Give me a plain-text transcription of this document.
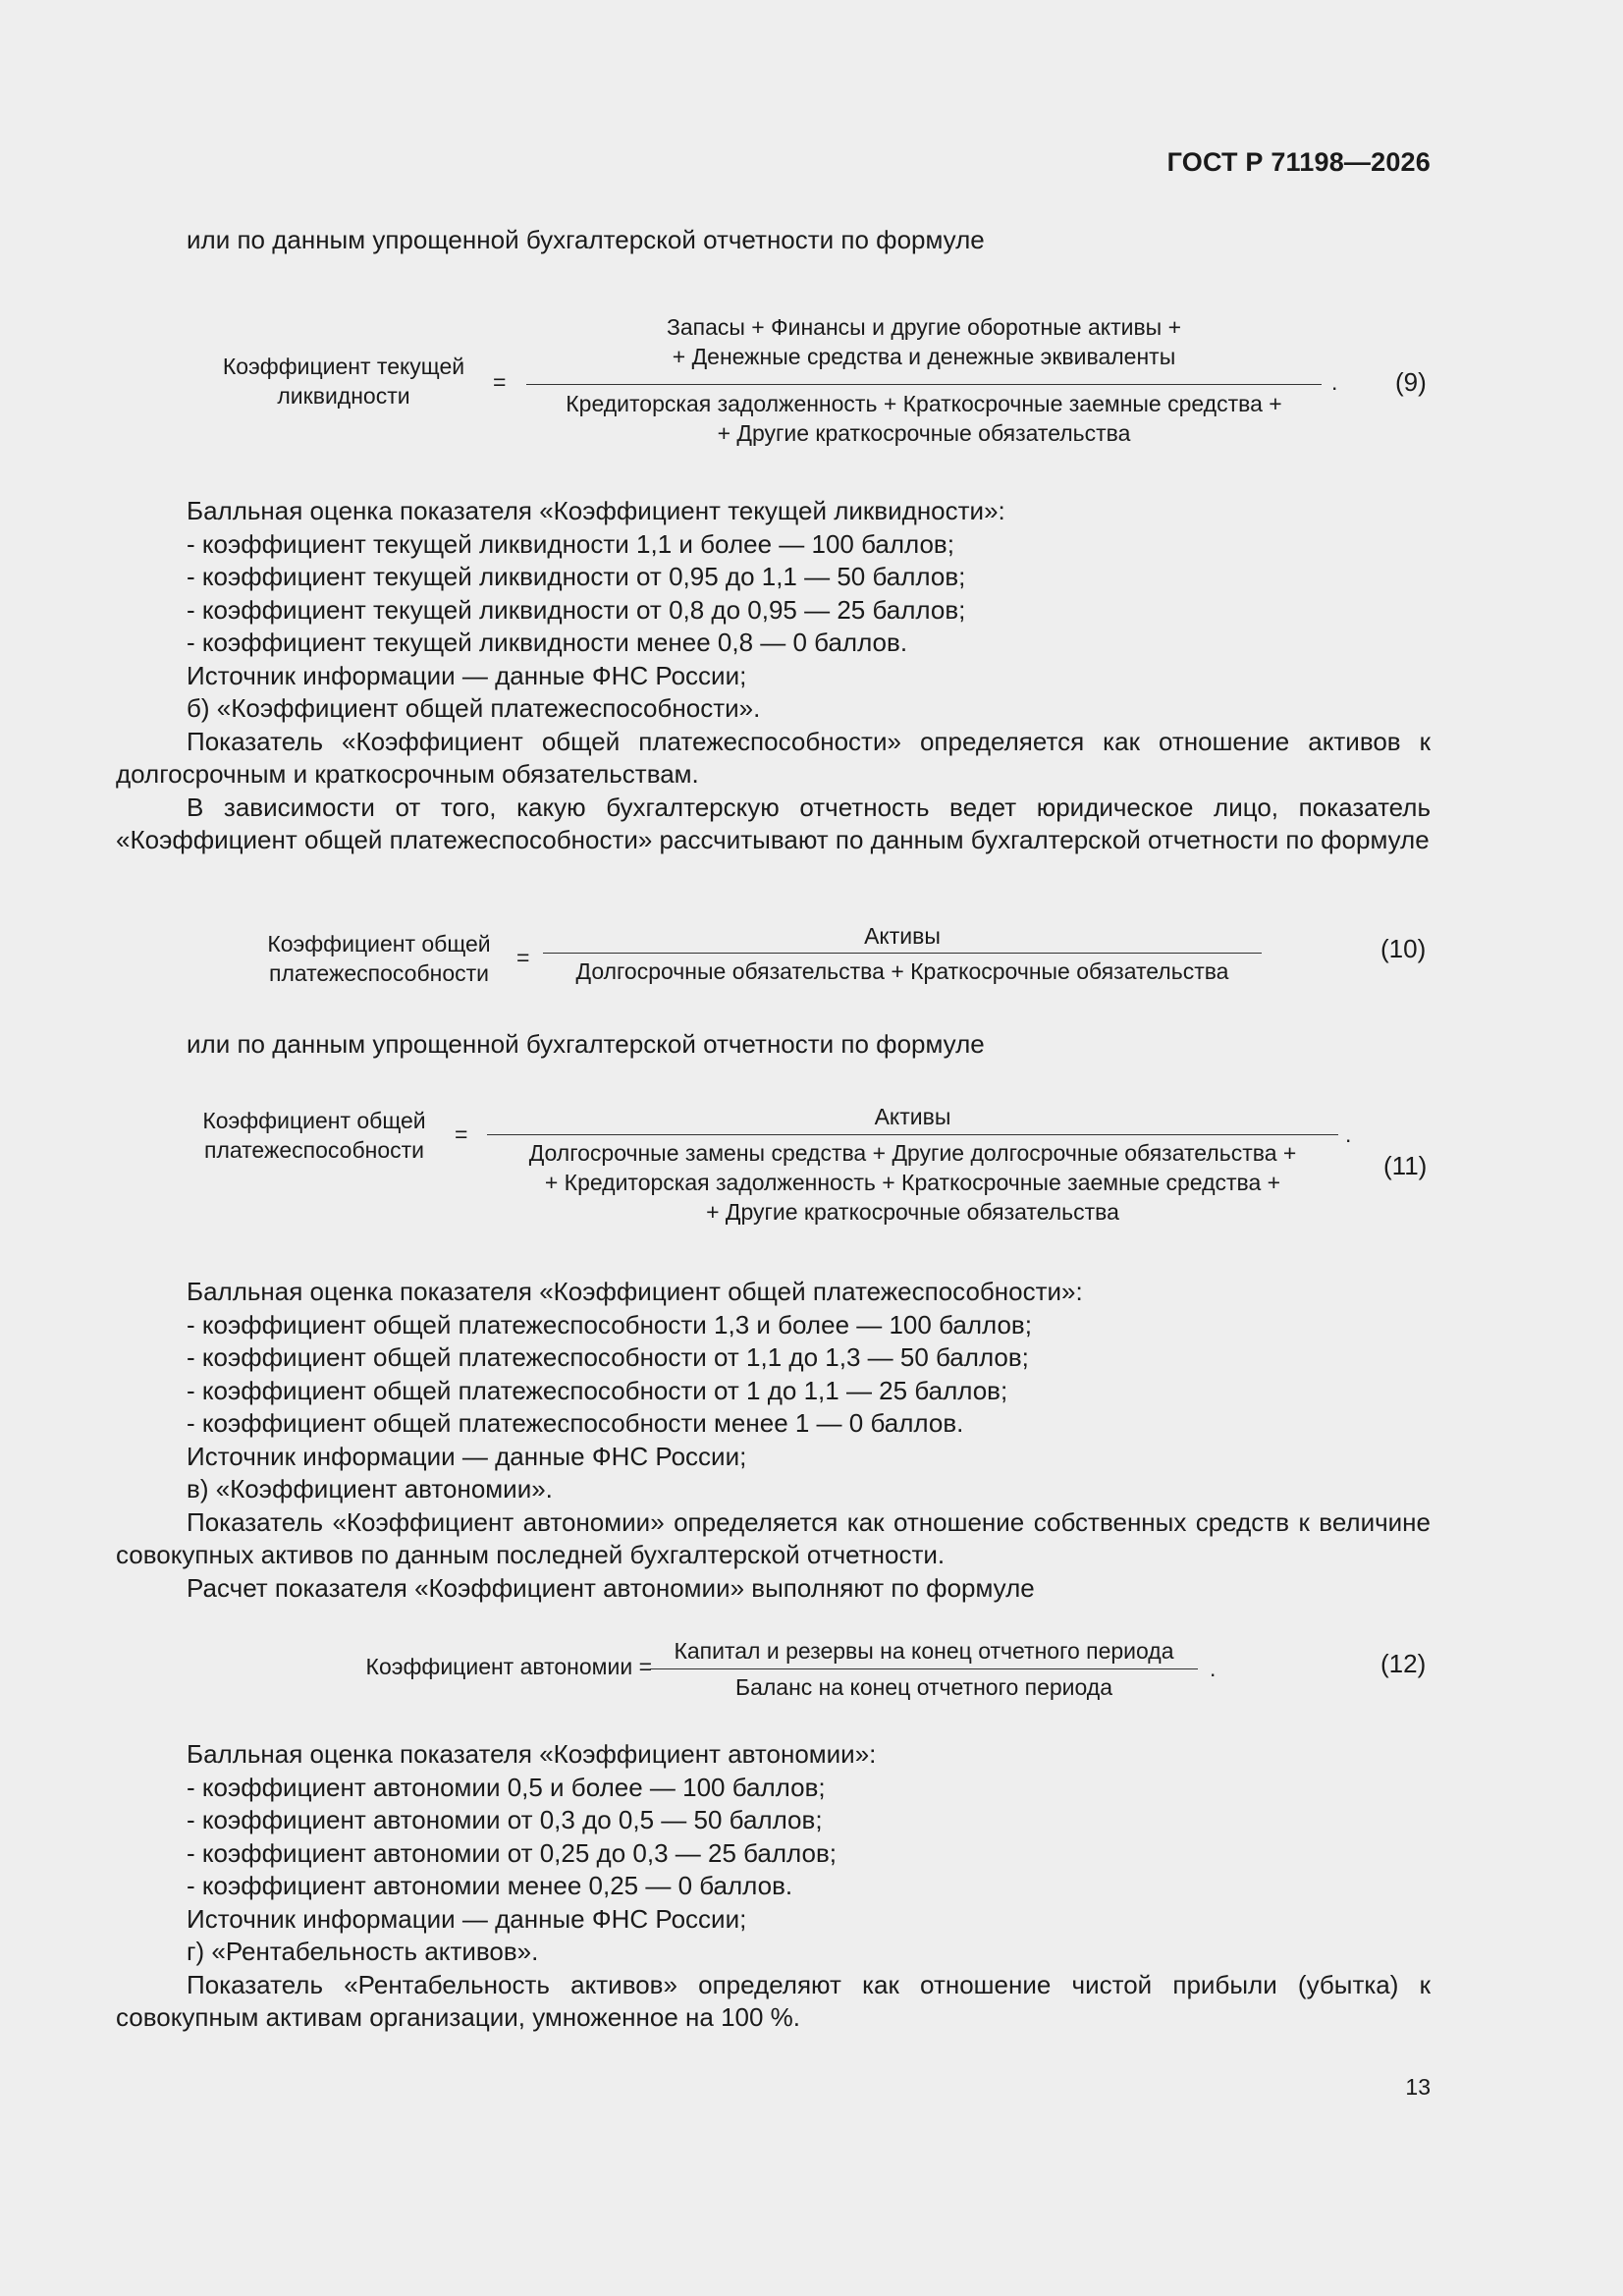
ГОСТ Р 71198—2026

или по данным упрощенной бухгалтерской отчетности по формуле

Коэффициент текущей
ликвидности
=
Запасы + Финансы и другие оборотные активы +
+ Денежные средства и денежные эквиваленты
Кредиторская задолженность + Краткосрочные заемные средства +
+ Другие краткосрочные обязательства
. (9)

Балльная оценка показателя «Коэффициент текущей ликвидности»:

- коэффициент текущей ликвидности 1,1 и более — 100 баллов;

- коэффициент текущей ликвидности от 0,95 до 1,1 — 50 баллов;

- коэффициент текущей ликвидности от 0,8 до 0,95 — 25 баллов;

- коэффициент текущей ликвидности менее 0,8 — 0 баллов.

Источник информации — данные ФНС России;

б) «Коэффициент общей платежеспособности».

Показатель «Коэффициент общей платежеспособности» определяется как отношение активов к долгосрочным и краткосрочным обязательствам.

В зависимости от того, какую бухгалтерскую отчетность ведет юридическое лицо, показатель «Коэффициент общей платежеспособности» рассчитывают по данным бухгалтерской отчетности по формуле

Коэффициент общей
платежеспособности
=
Активы
Долгосрочные обязательства + Краткосрочные обязательства
(10)

или по данным упрощенной бухгалтерской отчетности по формуле

Коэффициент общей
платежеспособности
=
Активы
Долгосрочные замены средства + Другие долгосрочные обязательства +
+ Кредиторская задолженность + Краткосрочные заемные средства +
+ Другие краткосрочные обязательства
.
(11)

Балльная оценка показателя «Коэффициент общей платежеспособности»:

- коэффициент общей платежеспособности 1,3 и более — 100 баллов;

- коэффициент общей платежеспособности от 1,1 до 1,3 — 50 баллов;

- коэффициент общей платежеспособности от 1 до 1,1 — 25 баллов;

- коэффициент общей платежеспособности менее 1 — 0 баллов.

Источник информации — данные ФНС России;

в) «Коэффициент автономии».

Показатель «Коэффициент автономии» определяется как отношение собственных средств к величине совокупных активов по данным последней бухгалтерской отчетности.

Расчет показателя «Коэффициент автономии» выполняют по формуле

Коэффициент автономии =
Капитал и резервы на конец отчетного периода
Баланс на конец отчетного периода
.	(12)

Балльная оценка показателя «Коэффициент автономии»:

- коэффициент автономии 0,5 и более — 100 баллов;

- коэффициент автономии от 0,3 до 0,5 — 50 баллов;

- коэффициент автономии от 0,25 до 0,3 — 25 баллов;

- коэффициент автономии менее 0,25 — 0 баллов.

Источник информации — данные ФНС России;

г) «Рентабельность активов».

Показатель «Рентабельность активов» определяют как отношение чистой прибыли (убытка) к совокупным активам организации, умноженное на 100 %.

13
